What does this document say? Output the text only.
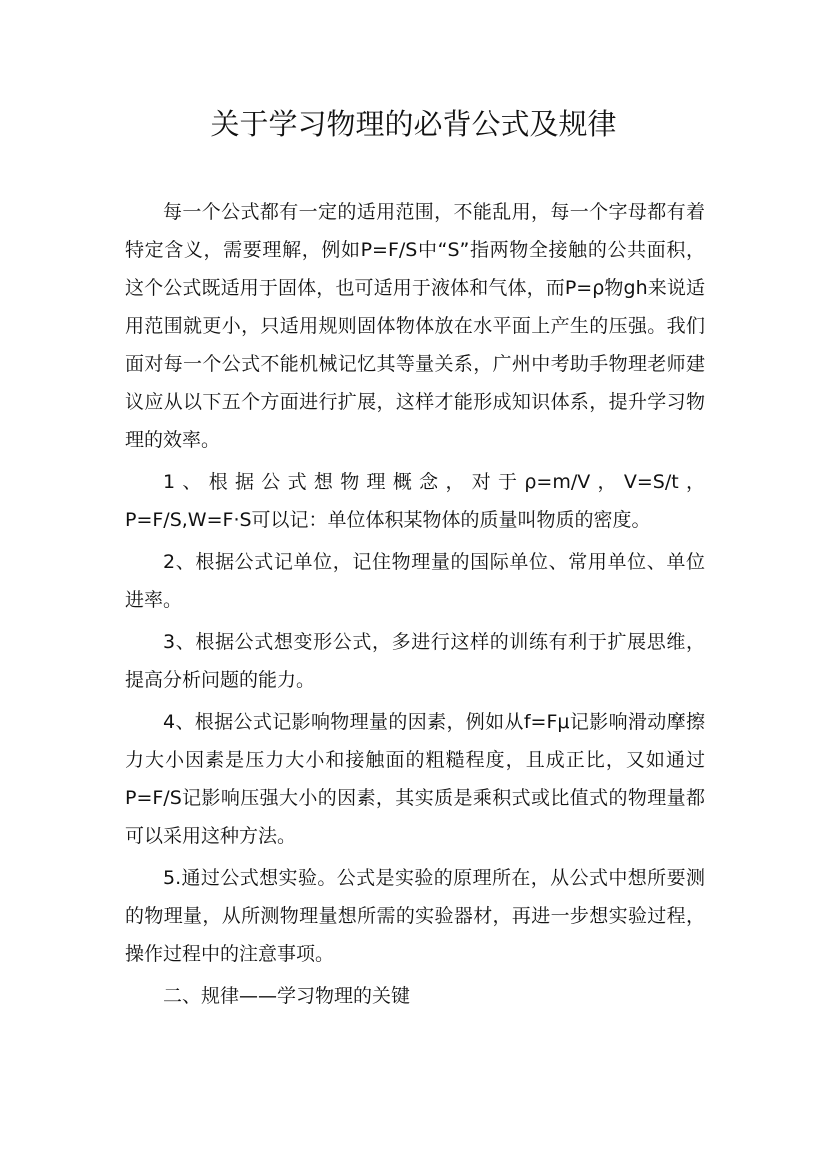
关于学习物理的必背公式及规律

每一个公式都有一定的适用范围，不能乱用，每一个字母都有着特定含义，需要理解，例如P=F/S中“S”指两物全接触的公共面积，这个公式既适用于固体，也可适用于液体和气体，而P=ρ物gh来说适用范围就更小，只适用规则固体物体放在水平面上产生的压强。我们面对每一个公式不能机械记忆其等量关系，广州中考助手物理老师建议应从以下五个方面进行扩展，这样才能形成知识体系，提升学习物理的效率。

1、根据公式想物理概念，对于ρ=m/V，V=S/t，P=F/S,W=F·S可以记：单位体积某物体的质量叫物质的密度。

2、根据公式记单位，记住物理量的国际单位、常用单位、单位进率。

3、根据公式想变形公式，多进行这样的训练有利于扩展思维，提高分析问题的能力。

4、根据公式记影响物理量的因素，例如从f=Fμ记影响滑动摩擦力大小因素是压力大小和接触面的粗糙程度，且成正比，又如通过P=F/S记影响压强大小的因素，其实质是乘积式或比值式的物理量都可以采用这种方法。

5.通过公式想实验。公式是实验的原理所在，从公式中想所要测的物理量，从所测物理量想所需的实验器材，再进一步想实验过程，操作过程中的注意事项。

二、规律——学习物理的关键
